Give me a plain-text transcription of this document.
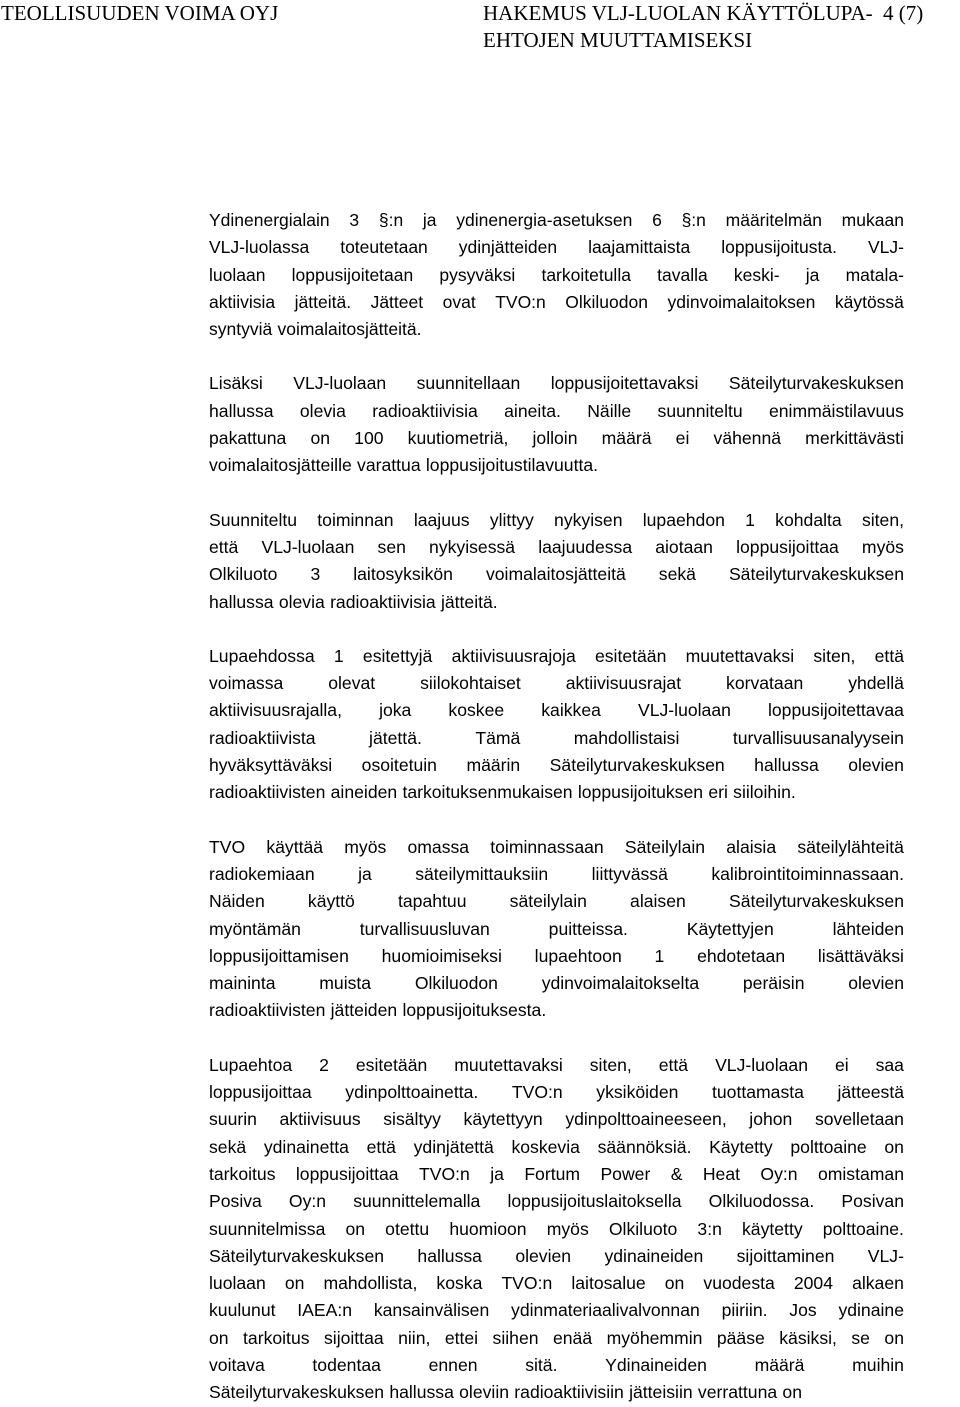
TEOLLISUUDEN VOIMA OYJ	HAKEMUS VLJ-LUOLAN KÄYTTÖLUPA-
EHTOJEN MUUTTAMISEKSI
4 (7)
Ydinenergialain 3 §:n ja ydinenergia-asetuksen 6 §:n määritelmän mukaan
VLJ-luolassa toteutetaan ydinjätteiden laajamittaista loppusijoitusta. VLJ-
luolaan loppusijoitetaan pysyväksi tarkoitetulla tavalla keski- ja matala-
aktiivisia jätteitä. Jätteet ovat TVO:n Olkiluodon ydinvoimalaitoksen käytössä
syntyviä voimalaitosjätteitä.
Lisäksi VLJ-luolaan suunnitellaan loppusijoitettavaksi Säteilyturvakeskuksen
hallussa olevia radioaktiivisia aineita. Näille suunniteltu enimmäistilavuus
pakattuna on 100 kuutiometriä, jolloin määrä ei vähennä merkittävästi
voimalaitosjätteille varattua loppusijoitustilavuutta.
Suunniteltu toiminnan laajuus ylittyy nykyisen lupaehdon 1 kohdalta siten,
että VLJ-luolaan sen nykyisessä laajuudessa aiotaan loppusijoittaa myös
Olkiluoto 3 laitosyksikön voimalaitosjätteitä sekä Säteilyturvakeskuksen
hallussa olevia radioaktiivisia jätteitä.
Lupaehdossa 1 esitettyjä aktiivisuusrajoja esitetään muutettavaksi siten, että
voimassa	olevat	siilokohtaiset	aktiivisuusrajat	korvataan	yhdellä
aktiivisuusrajalla, joka koskee kaikkea VLJ-luolaan loppusijoitettavaa
radioaktiivista	jätettä.	Tämä	mahdollistaisi	turvallisuusanalyysein
hyväksyttäväksi osoitetuin määrin Säteilyturvakeskuksen hallussa olevien
radioaktiivisten aineiden tarkoituksenmukaisen loppusijoituksen eri siiloihin.
TVO käyttää myös omassa toiminnassaan Säteilylain alaisia säteilylähteitä
radiokemiaan ja säteilymittauksiin liittyvässä kalibrointitoiminnassaan.
Näiden käyttö tapahtuu säteilylain alaisen Säteilyturvakeskuksen
myöntämän	turvallisuusluvan	puitteissa.	Käytettyjen	lähteiden
loppusijoittamisen huomioimiseksi lupaehtoon 1 ehdotetaan lisättäväksi
maininta muista Olkiluodon ydinvoimalaitokselta peräisin olevien
radioaktiivisten jätteiden loppusijoituksesta.
Lupaehtoa 2 esitetään muutettavaksi siten, että VLJ-luolaan ei saa
loppusijoittaa ydinpolttoainetta. TVO:n yksiköiden tuottamasta jätteestä
suurin aktiivisuus sisältyy käytettyyn ydinpolttoaineeseen, johon sovelletaan
sekä ydinainetta että ydinjätettä koskevia säännöksiä. Käytetty polttoaine on
tarkoitus loppusijoittaa TVO:n ja Fortum Power & Heat Oy:n omistaman
Posiva Oy:n suunnittelemalla loppusijoituslaitoksella Olkiluodossa. Posivan
suunnitelmissa on otettu huomioon myös Olkiluoto 3:n käytetty polttoaine.
Säteilyturvakeskuksen hallussa olevien ydinaineiden sijoittaminen VLJ-
luolaan on mahdollista, koska TVO:n laitosalue on vuodesta 2004 alkaen
kuulunut IAEA:n kansainvälisen ydinmateriaalivalvonnan piiriin. Jos ydinaine
on tarkoitus sijoittaa niin, ettei siihen enää myöhemmin pääse käsiksi, se on
voitava	todentaa	ennen	sitä.	Ydinaineiden	määrä	muihin
Säteilyturvakeskuksen hallussa oleviin radioaktiivisiin jätteisiin verrattuna on
